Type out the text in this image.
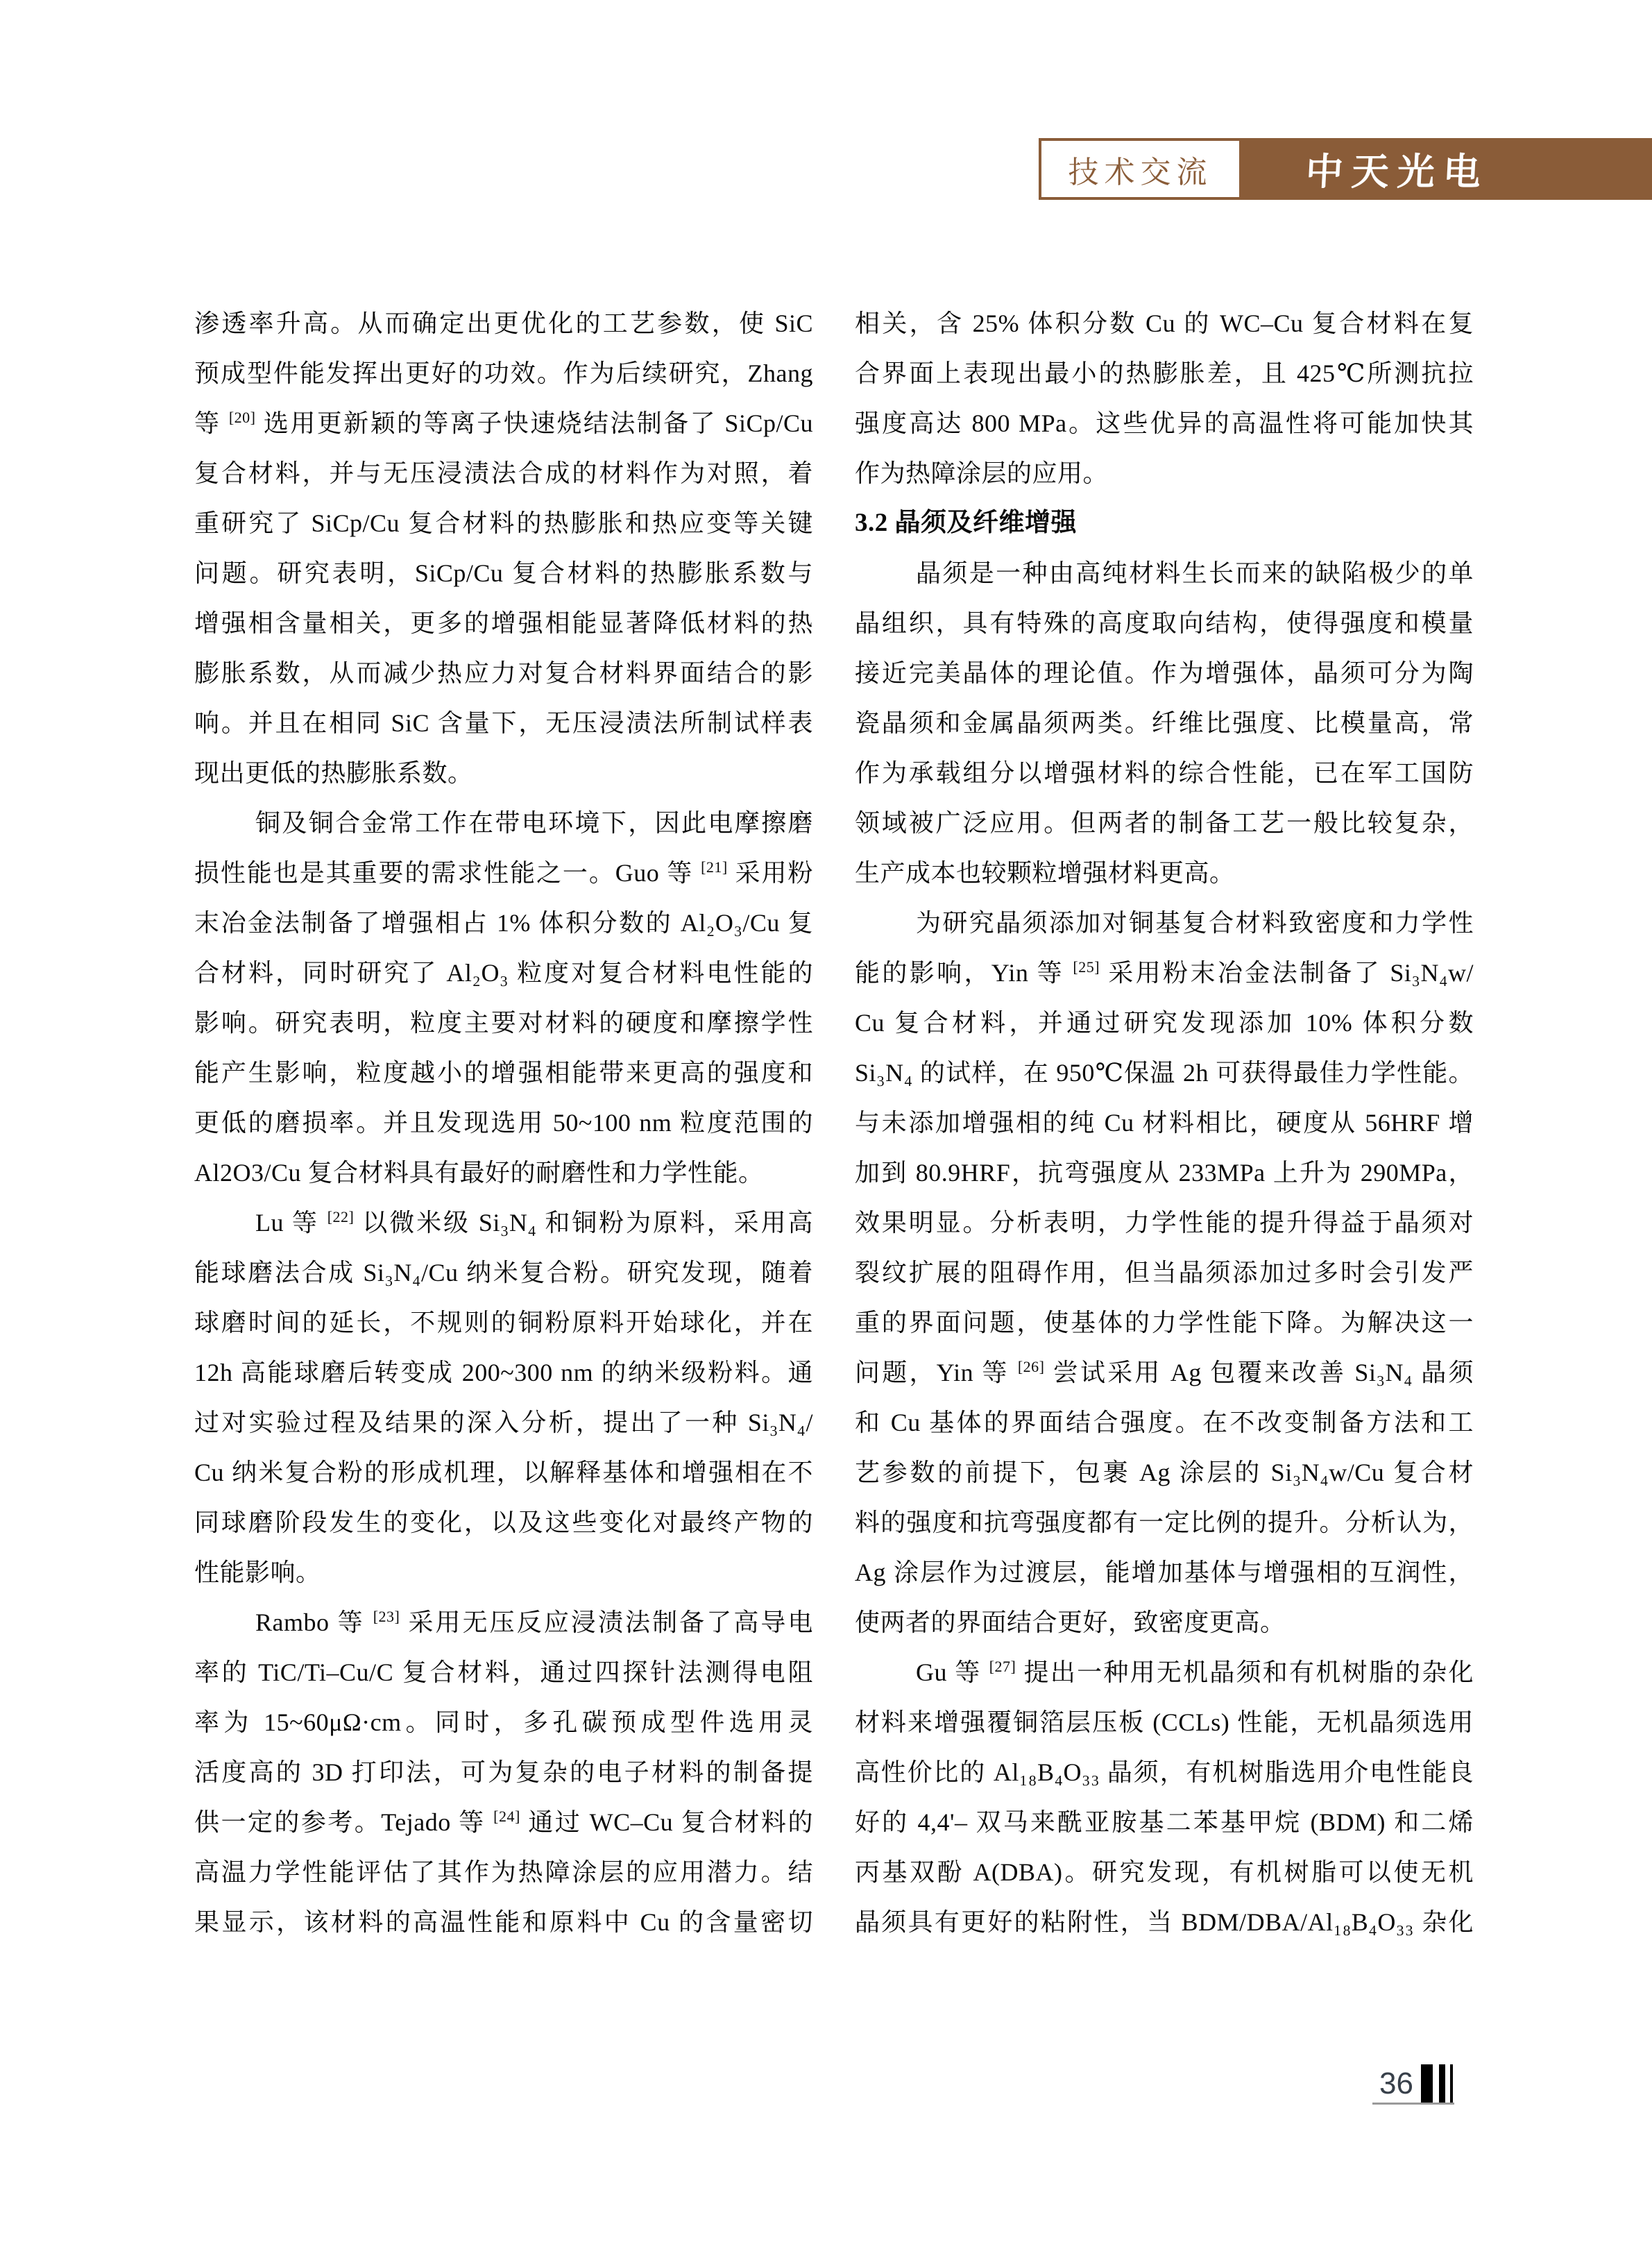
技术交流 中天光电
渗透率升高。从而确定出更优化的工艺参数，使 SiC
预成型件能发挥出更好的功效。作为后续研究，Zhang
等 [20] 选用更新颖的等离子快速烧结法制备了 SiCp/Cu
复合材料，并与无压浸渍法合成的材料作为对照，着
重研究了 SiCp/Cu 复合材料的热膨胀和热应变等关键
问题。研究表明，SiCp/Cu 复合材料的热膨胀系数与
增强相含量相关，更多的增强相能显著降低材料的热
膨胀系数，从而减少热应力对复合材料界面结合的影
响。并且在相同 SiC 含量下，无压浸渍法所制试样表
现出更低的热膨胀系数。
铜及铜合金常工作在带电环境下，因此电摩擦磨
损性能也是其重要的需求性能之一。Guo 等 [21] 采用粉
末冶金法制备了增强相占 1% 体积分数的 Al₂O₃/Cu 复
合材料，同时研究了 Al₂O₃ 粒度对复合材料电性能的
影响。研究表明，粒度主要对材料的硬度和摩擦学性
能产生影响，粒度越小的增强相能带来更高的强度和
更低的磨损率。并且发现选用 50~100 nm 粒度范围的
Al2O3/Cu 复合材料具有最好的耐磨性和力学性能。
Lu 等 [22] 以微米级 Si₃N₄ 和铜粉为原料，采用高
能球磨法合成 Si₃N₄/Cu 纳米复合粉。研究发现，随着
球磨时间的延长，不规则的铜粉原料开始球化，并在
12h 高能球磨后转变成 200~300 nm 的纳米级粉料。通
过对实验过程及结果的深入分析，提出了一种 Si₃N₄/
Cu 纳米复合粉的形成机理，以解释基体和增强相在不
同球磨阶段发生的变化，以及这些变化对最终产物的
性能影响。
Rambo 等 [23] 采用无压反应浸渍法制备了高导电
率的 TiC/Ti–Cu/C 复合材料，通过四探针法测得电阻
率为 15~60μΩ·cm。同时，多孔碳预成型件选用灵
活度高的 3D 打印法，可为复杂的电子材料的制备提
供一定的参考。Tejado 等 [24] 通过 WC–Cu 复合材料的
高温力学性能评估了其作为热障涂层的应用潜力。结
果显示，该材料的高温性能和原料中 Cu 的含量密切
相关，含 25% 体积分数 Cu 的 WC–Cu 复合材料在复
合界面上表现出最小的热膨胀差，且 425℃所测抗拉
强度高达 800 MPa。这些优异的高温性将可能加快其
作为热障涂层的应用。
3.2 晶须及纤维增强
晶须是一种由高纯材料生长而来的缺陷极少的单
晶组织，具有特殊的高度取向结构，使得强度和模量
接近完美晶体的理论值。作为增强体，晶须可分为陶
瓷晶须和金属晶须两类。纤维比强度、比模量高，常
作为承载组分以增强材料的综合性能，已在军工国防
领域被广泛应用。但两者的制备工艺一般比较复杂，
生产成本也较颗粒增强材料更高。
为研究晶须添加对铜基复合材料致密度和力学性
能的影响，Yin 等 [25] 采用粉末冶金法制备了 Si₃N₄w/
Cu 复合材料，并通过研究发现添加 10% 体积分数
Si₃N₄ 的试样，在 950℃保温 2h 可获得最佳力学性能。
与未添加增强相的纯 Cu 材料相比，硬度从 56HRF 增
加到 80.9HRF，抗弯强度从 233MPa 上升为 290MPa，
效果明显。分析表明，力学性能的提升得益于晶须对
裂纹扩展的阻碍作用，但当晶须添加过多时会引发严
重的界面问题，使基体的力学性能下降。为解决这一
问题，Yin 等 [26] 尝试采用 Ag 包覆来改善 Si₃N₄ 晶须
和 Cu 基体的界面结合强度。在不改变制备方法和工
艺参数的前提下，包裹 Ag 涂层的 Si₃N₄w/Cu 复合材
料的强度和抗弯强度都有一定比例的提升。分析认为，
Ag 涂层作为过渡层，能增加基体与增强相的互润性，
使两者的界面结合更好，致密度更高。
Gu 等 [27] 提出一种用无机晶须和有机树脂的杂化
材料来增强覆铜箔层压板 (CCLs) 性能，无机晶须选用
高性价比的 Al₁₈B₄O₃₃ 晶须，有机树脂选用介电性能良
好的 4,4'– 双马来酰亚胺基二苯基甲烷 (BDM) 和二烯
丙基双酚 A(DBA)。研究发现，有机树脂可以使无机
晶须具有更好的粘附性，当 BDM/DBA/Al₁₈B₄O₃₃ 杂化
36
